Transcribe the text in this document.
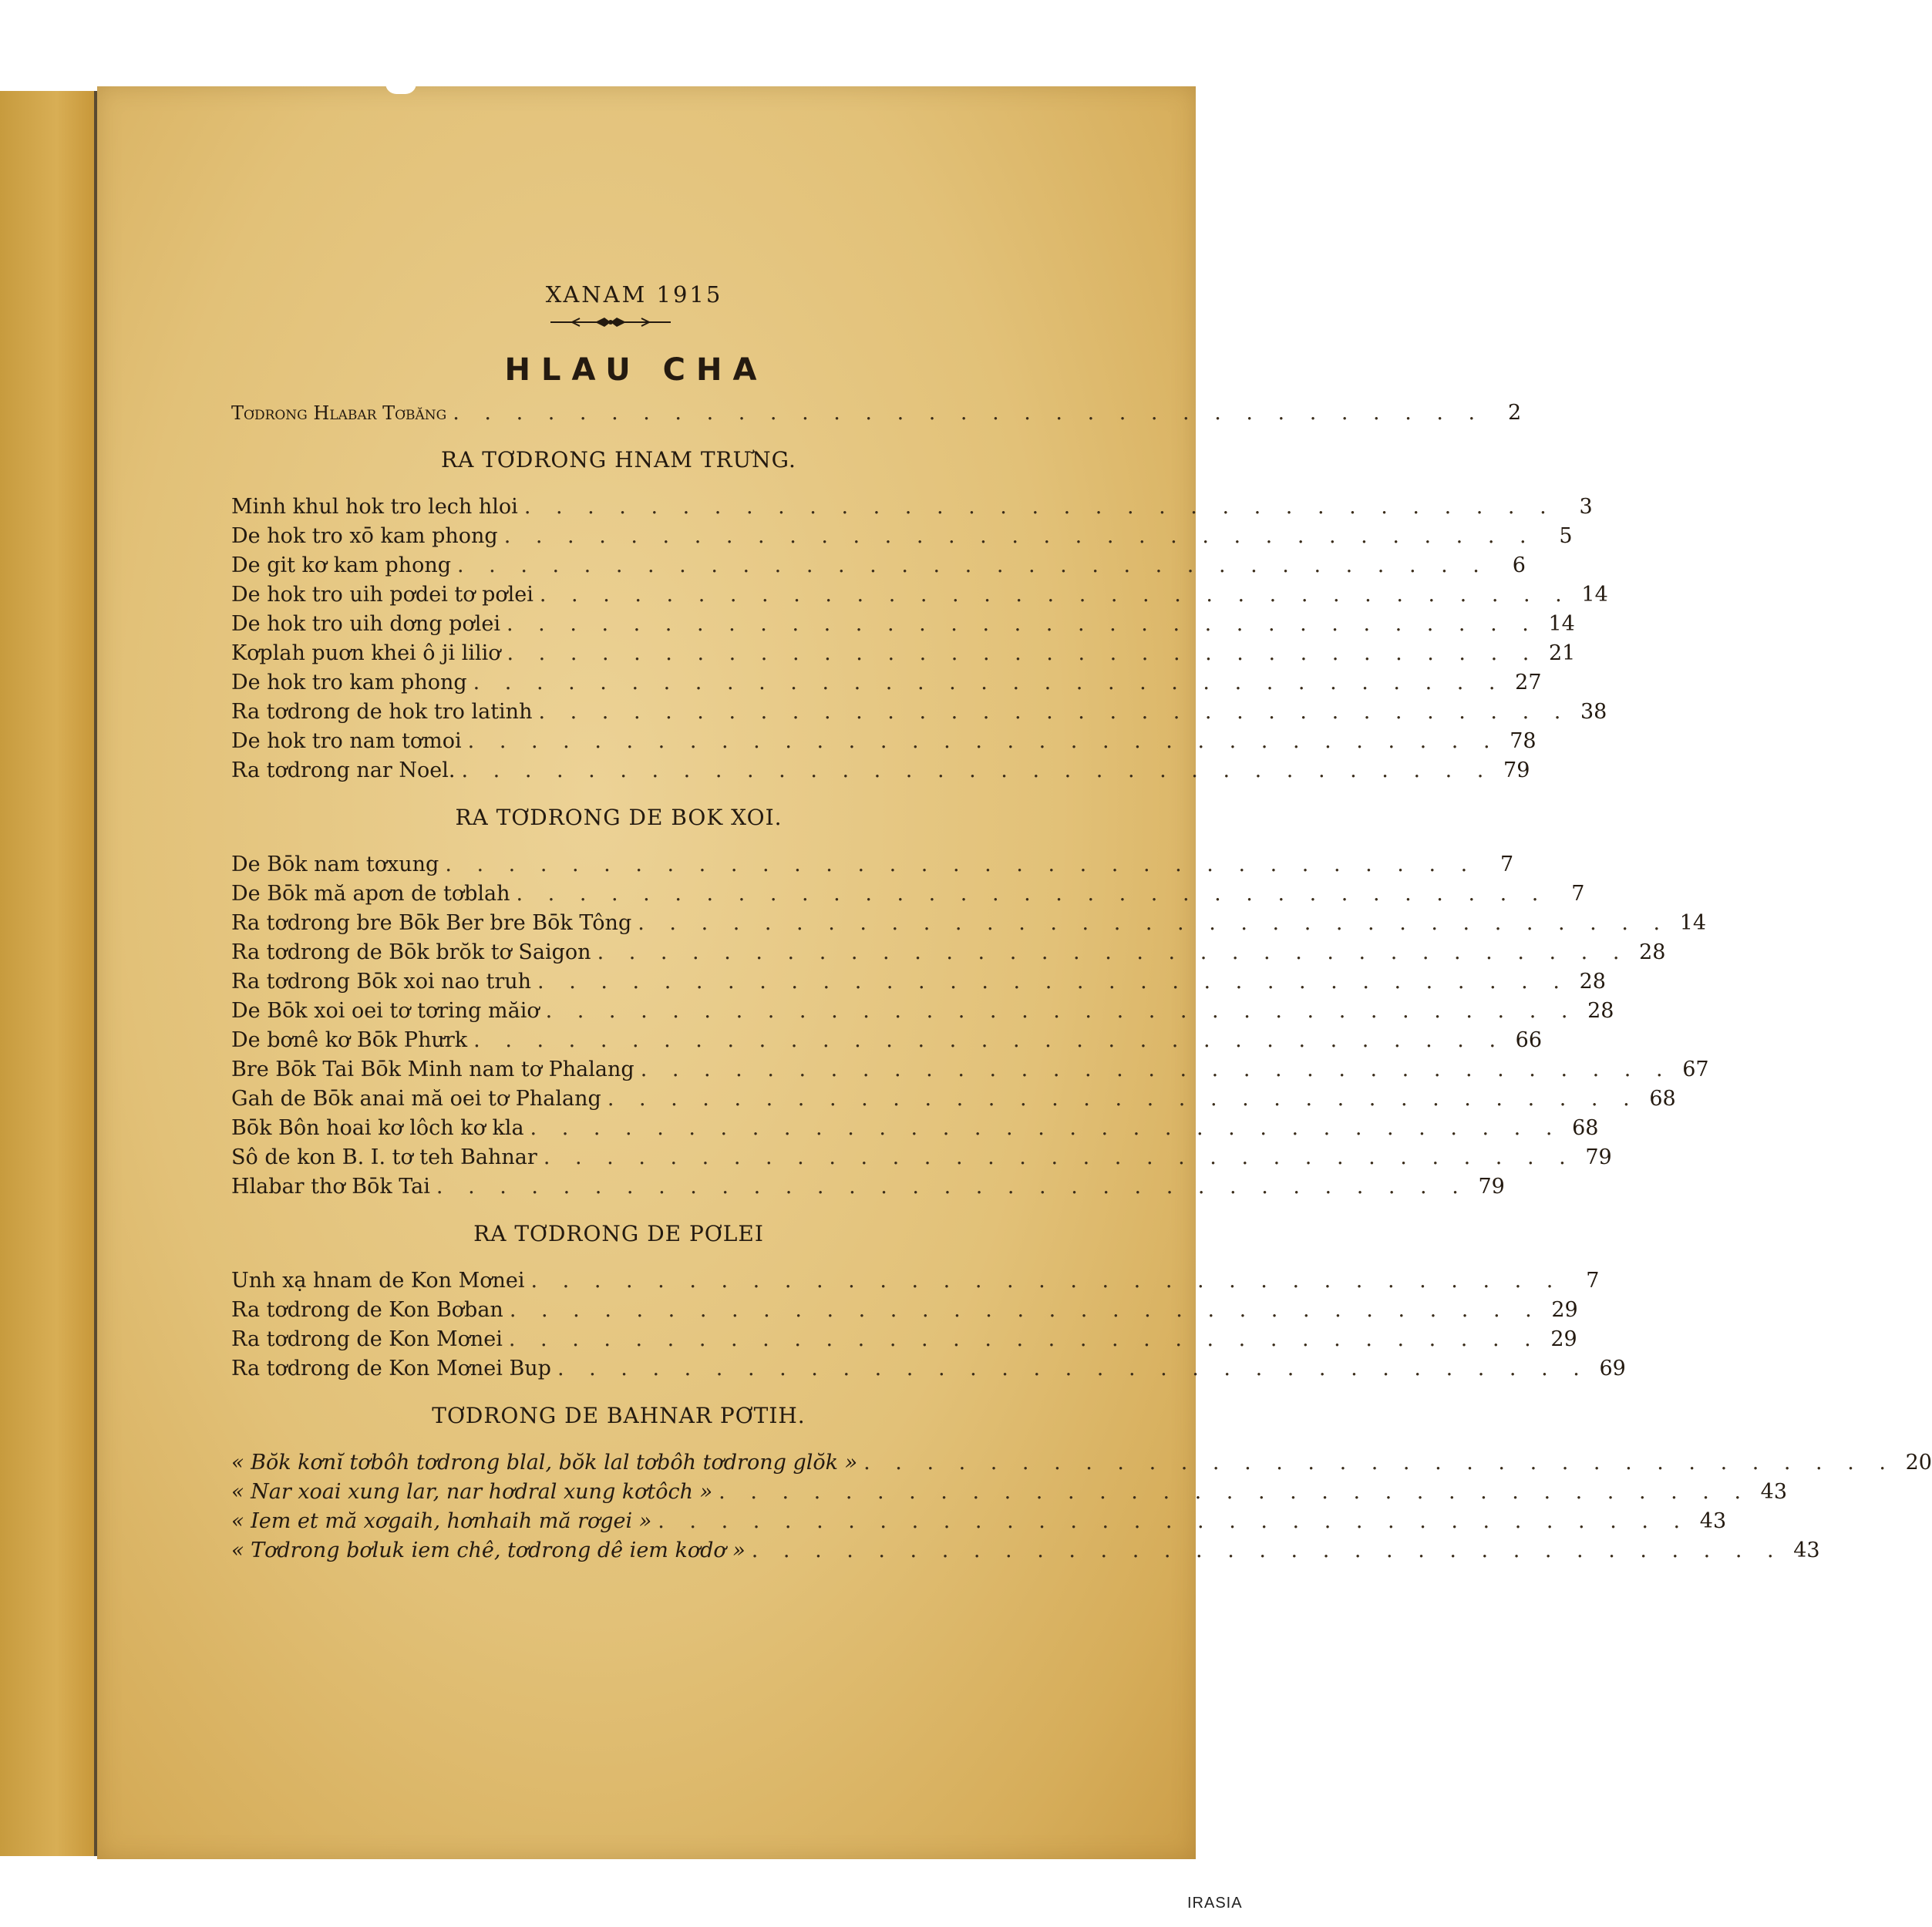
XANAM 1915
HLAU CHA
Tơdrong Hlabar Tơbăng . . . . . . . . . . . . . . . . . . . . . . . . . . . . . . . . .	2
RA TƠDRONG HNAM TRƯNG.
Minh khul hok tro lech hloi . . . . . . . . . . . . . . . . . . . . . . . . . . . . . . . . .	3
De hok tro xō kam phong . . . . . . . . . . . . . . . . . . . . . . . . . . . . . . . . .	5
De git kơ kam phong . . . . . . . . . . . . . . . . . . . . . . . . . . . . . . . . .	6
De hok tro uih pơdei tơ pơlei . . . . . . . . . . . . . . . . . . . . . . . . . . . . . . . . . 14
De hok tro uih dơng pơlei . . . . . . . . . . . . . . . . . . . . . . . . . . . . . . . . . 14
Kơplah puơn khei ô ji liliơ . . . . . . . . . . . . . . . . . . . . . . . . . . . . . . . . . 21
De hok tro kam phong . . . . . . . . . . . . . . . . . . . . . . . . . . . . . . . . . 27
Ra tơdrong de hok tro latinh . . . . . . . . . . . . . . . . . . . . . . . . . . . . . . . . . 38
De hok tro nam tơmoi . . . . . . . . . . . . . . . . . . . . . . . . . . . . . . . . . 78
Ra tơdrong nar Noel. . . . . . . . . . . . . . . . . . . . . . . . . . . . . . . . . . 79
RA TƠDRONG DE BOK XOI.
De Bōk nam tơxung . . . . . . . . . . . . . . . . . . . . . . . . . . . . . . . . .	7
De Bōk mă apơn de tơblah . . . . . . . . . . . . . . . . . . . . . . . . . . . . . . . . .	7
Ra tơdrong bre Bōk Ber bre Bōk Tông . . . . . . . . . . . . . . . . . . . . . . . . . . . . . . . . . 14
Ra tơdrong de Bōk brŏk tơ Saigon . . . . . . . . . . . . . . . . . . . . . . . . . . . . . . . . . 28
Ra tơdrong Bōk xoi nao truh . . . . . . . . . . . . . . . . . . . . . . . . . . . . . . . . . 28
De Bōk xoi oei tơ tơring măiơ . . . . . . . . . . . . . . . . . . . . . . . . . . . . . . . . . 28
De bơnê kơ Bōk Phưrk . . . . . . . . . . . . . . . . . . . . . . . . . . . . . . . . . 66
Bre Bōk Tai Bōk Minh nam tơ Phalang . . . . . . . . . . . . . . . . . . . . . . . . . . . . . . . . . 67
Gah de Bōk anai mă oei tơ Phalang . . . . . . . . . . . . . . . . . . . . . . . . . . . . . . . . . 68
Bōk Bôn hoai kơ lôch kơ kla . . . . . . . . . . . . . . . . . . . . . . . . . . . . . . . . . 68
Sô de kon B. I. tơ teh Bahnar . . . . . . . . . . . . . . . . . . . . . . . . . . . . . . . . . 79
Hlabar thơ Bōk Tai . . . . . . . . . . . . . . . . . . . . . . . . . . . . . . . . . 79
RA TƠDRONG DE PƠLEI
Unh xạ hnam de Kon Mơnei . . . . . . . . . . . . . . . . . . . . . . . . . . . . . . . . .	7
Ra tơdrong de Kon Bơban . . . . . . . . . . . . . . . . . . . . . . . . . . . . . . . . . 29
Ra tơdrong de Kon Mơnei . . . . . . . . . . . . . . . . . . . . . . . . . . . . . . . . . 29
Ra tơdrong de Kon Mơnei Bup . . . . . . . . . . . . . . . . . . . . . . . . . . . . . . . . . 69
TƠDRONG DE BAHNAR PƠTIH.
« Bŏk kơnĭ tơbôh tơdrong blal, bŏk lal tơbôh tơdrong glŏk » . . . . . . . . . . . . . . . . . . . . . . . . . . . . . . . . . 20
« Nar xoai xung lar, nar hơdral xung kơtôch » . . . . . . . . . . . . . . . . . . . . . . . . . . . . . . . . . 43
« Iem et mă xơgaih, hơnhaih mă rơgei » . . . . . . . . . . . . . . . . . . . . . . . . . . . . . . . . . 43
« Tơdrong bơluk iem chê, tơdrong dê iem kơdơ » . . . . . . . . . . . . . . . . . . . . . . . . . . . . . . . . . 43
IRASIA
